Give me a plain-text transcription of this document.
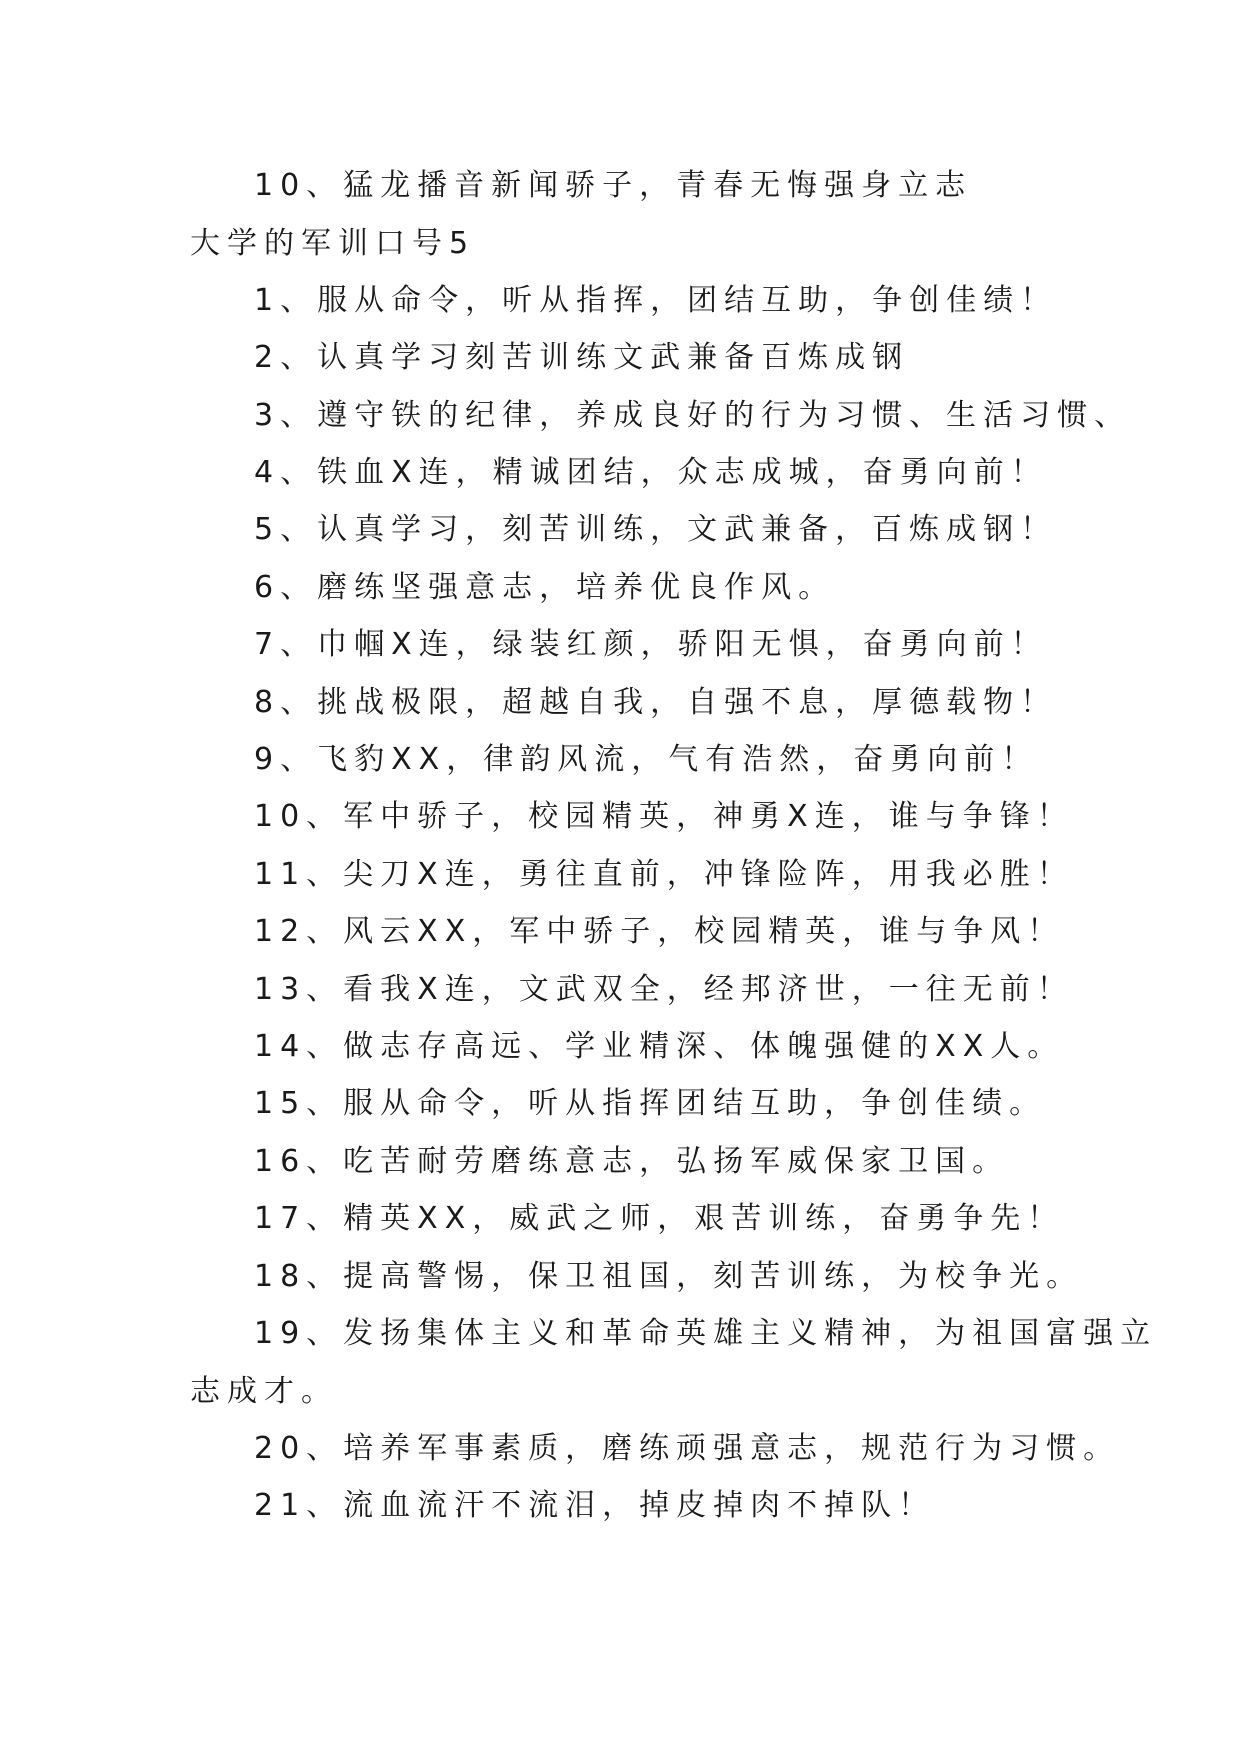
10、猛龙播音新闻骄子，青春无悔强身立志
大学的军训口号5
1、服从命令，听从指挥，团结互助，争创佳绩！
2、认真学习刻苦训练文武兼备百炼成钢
3、遵守铁的纪律，养成良好的行为习惯、生活习惯、
4、铁血X连，精诚团结，众志成城，奋勇向前！
5、认真学习，刻苦训练，文武兼备，百炼成钢！
6、磨练坚强意志，培养优良作风。
7、巾帼X连，绿装红颜，骄阳无惧，奋勇向前！
8、挑战极限，超越自我，自强不息，厚德载物！
9、飞豹XX，律韵风流，气有浩然，奋勇向前！
10、军中骄子，校园精英，神勇X连，谁与争锋！
11、尖刀X连，勇往直前，冲锋险阵，用我必胜！
12、风云XX，军中骄子，校园精英，谁与争风！
13、看我X连，文武双全，经邦济世，一往无前！
14、做志存高远、学业精深、体魄强健的XX人。
15、服从命令，听从指挥团结互助，争创佳绩。
16、吃苦耐劳磨练意志，弘扬军威保家卫国。
17、精英XX，威武之师，艰苦训练，奋勇争先！
18、提高警惕，保卫祖国，刻苦训练，为校争光。
19、发扬集体主义和革命英雄主义精神，为祖国富强立
志成才。
20、培养军事素质，磨练顽强意志，规范行为习惯。
21、流血流汗不流泪，掉皮掉肉不掉队！
